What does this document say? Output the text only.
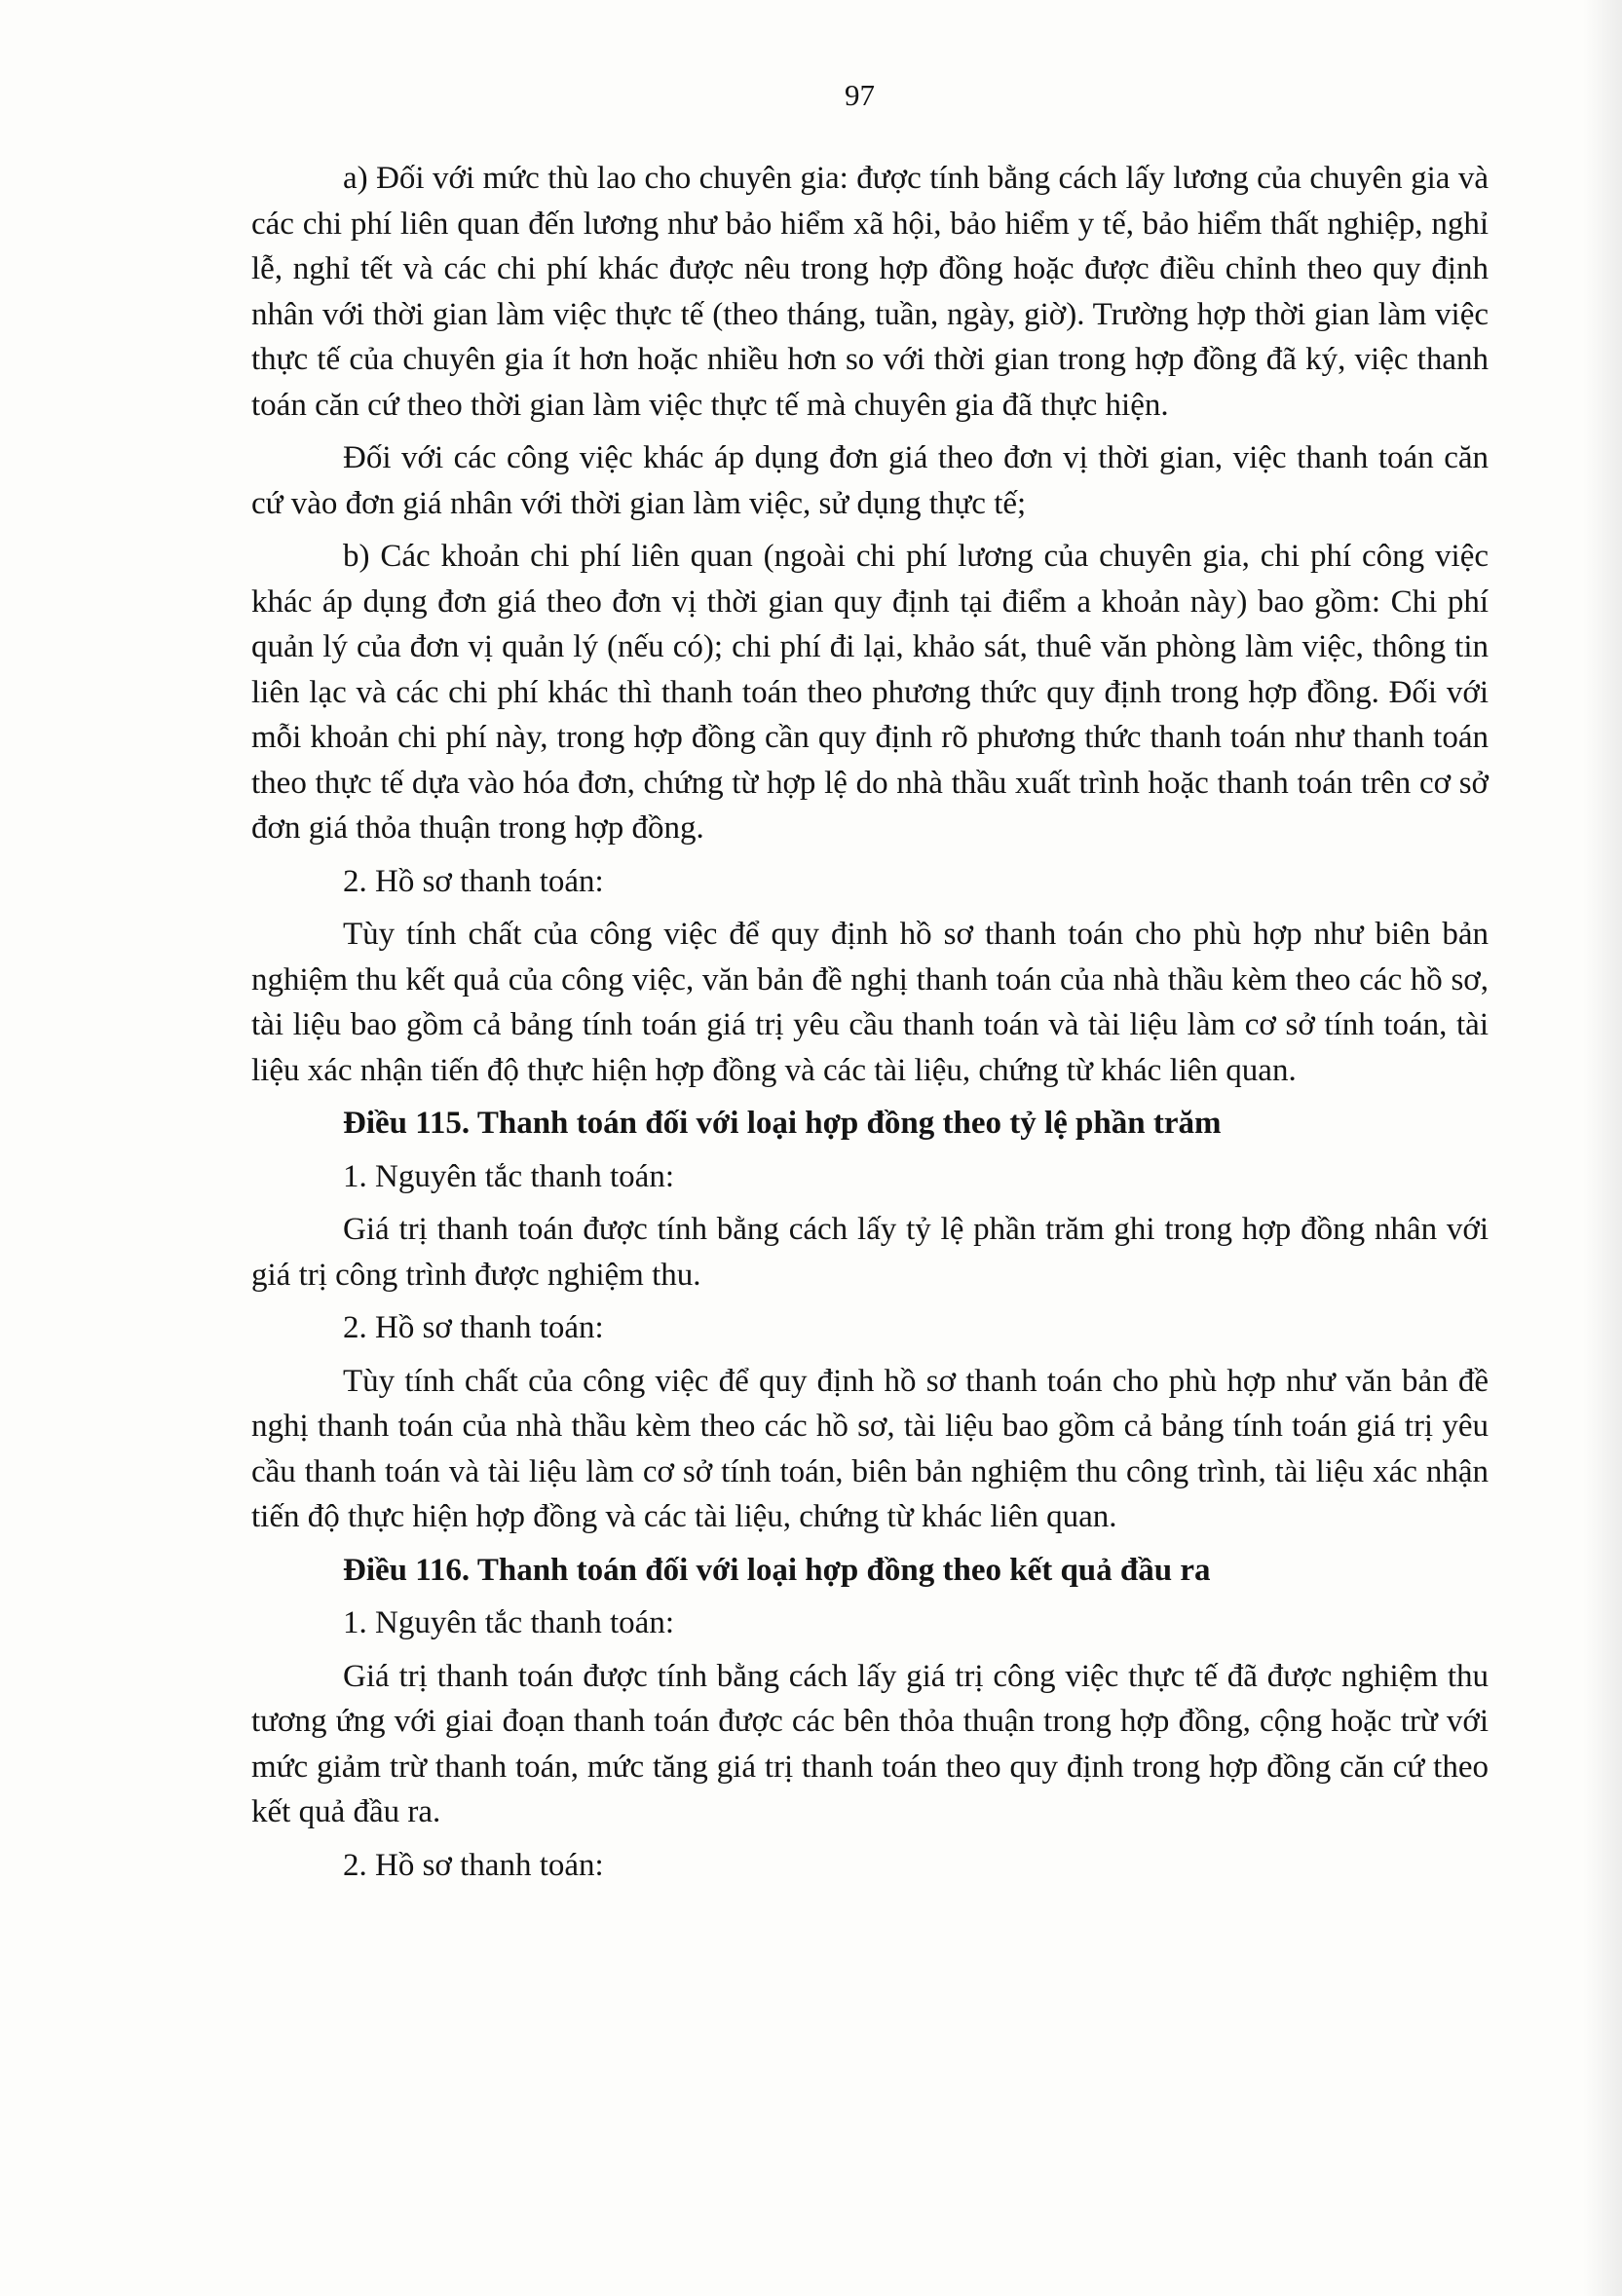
97

a) Đối với mức thù lao cho chuyên gia: được tính bằng cách lấy lương của chuyên gia và các chi phí liên quan đến lương như bảo hiểm xã hội, bảo hiểm y tế, bảo hiểm thất nghiệp, nghỉ lễ, nghỉ tết và các chi phí khác được nêu trong hợp đồng hoặc được điều chỉnh theo quy định nhân với thời gian làm việc thực tế (theo tháng, tuần, ngày, giờ). Trường hợp thời gian làm việc thực tế của chuyên gia ít hơn hoặc nhiều hơn so với thời gian trong hợp đồng đã ký, việc thanh toán căn cứ theo thời gian làm việc thực tế mà chuyên gia đã thực hiện.

Đối với các công việc khác áp dụng đơn giá theo đơn vị thời gian, việc thanh toán căn cứ vào đơn giá nhân với thời gian làm việc, sử dụng thực tế;

b) Các khoản chi phí liên quan (ngoài chi phí lương của chuyên gia, chi phí công việc khác áp dụng đơn giá theo đơn vị thời gian quy định tại điểm a khoản này) bao gồm: Chi phí quản lý của đơn vị quản lý (nếu có); chi phí đi lại, khảo sát, thuê văn phòng làm việc, thông tin liên lạc và các chi phí khác thì thanh toán theo phương thức quy định trong hợp đồng. Đối với mỗi khoản chi phí này, trong hợp đồng cần quy định rõ phương thức thanh toán như thanh toán theo thực tế dựa vào hóa đơn, chứng từ hợp lệ do nhà thầu xuất trình hoặc thanh toán trên cơ sở đơn giá thỏa thuận trong hợp đồng.

2. Hồ sơ thanh toán:

Tùy tính chất của công việc để quy định hồ sơ thanh toán cho phù hợp như biên bản nghiệm thu kết quả của công việc, văn bản đề nghị thanh toán của nhà thầu kèm theo các hồ sơ, tài liệu bao gồm cả bảng tính toán giá trị yêu cầu thanh toán và tài liệu làm cơ sở tính toán, tài liệu xác nhận tiến độ thực hiện hợp đồng và các tài liệu, chứng từ khác liên quan.

Điều 115. Thanh toán đối với loại hợp đồng theo tỷ lệ phần trăm

1. Nguyên tắc thanh toán:

Giá trị thanh toán được tính bằng cách lấy tỷ lệ phần trăm ghi trong hợp đồng nhân với giá trị công trình được nghiệm thu.

2. Hồ sơ thanh toán:

Tùy tính chất của công việc để quy định hồ sơ thanh toán cho phù hợp như văn bản đề nghị thanh toán của nhà thầu kèm theo các hồ sơ, tài liệu bao gồm cả bảng tính toán giá trị yêu cầu thanh toán và tài liệu làm cơ sở tính toán, biên bản nghiệm thu công trình, tài liệu xác nhận tiến độ thực hiện hợp đồng và các tài liệu, chứng từ khác liên quan.

Điều 116. Thanh toán đối với loại hợp đồng theo kết quả đầu ra

1. Nguyên tắc thanh toán:

Giá trị thanh toán được tính bằng cách lấy giá trị công việc thực tế đã được nghiệm thu tương ứng với giai đoạn thanh toán được các bên thỏa thuận trong hợp đồng, cộng hoặc trừ với mức giảm trừ thanh toán, mức tăng giá trị thanh toán theo quy định trong hợp đồng căn cứ theo kết quả đầu ra.

2. Hồ sơ thanh toán:
